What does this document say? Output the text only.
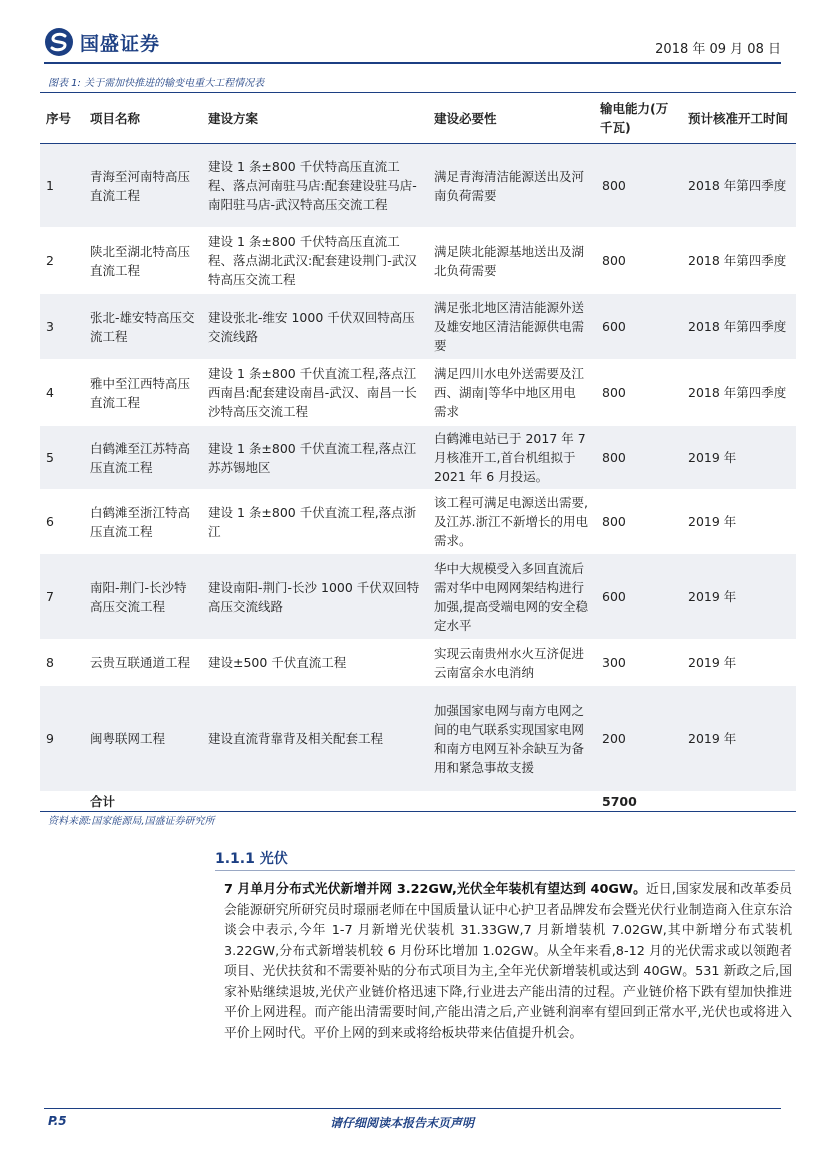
国盛证券	2018 年 09 月 08 日
图表 1: 关于需加快推进的输变电重大工程情况表
序号	项目名称	建设方案	建设必要性	输电能力(万千瓦)	预计核准开工时间
1	青海至河南特高压直流工程	建设 1 条±800 千伏特高压直流工程、落点河南驻马店:配套建设驻马店-南阳驻马店-武汉特高压交流工程	满足青海清洁能源送出及河南负荷需要	800	2018 年第四季度
2	陕北至湖北特高压直流工程	建设 1 条±800 千伏特高压直流工程、落点湖北武汉:配套建设荆门-武汉特高压交流工程	满足陕北能源基地送出及湖北负荷需要	800	2018 年第四季度
3	张北-雄安特高压交流工程	建设张北-维安 1000 千伏双回特高压交流线路	满足张北地区清洁能源外送及雄安地区清洁能源供电需要	600	2018 年第四季度
4	雅中至江西特高压直流工程	建设 1 条±800 千伏直流工程,落点江西南昌:配套建设南昌-武汉、南昌一长沙特高压交流工程	满足四川水电外送需要及江西、湖南|等华中地区用电需求	800	2018 年第四季度
5	白鹤滩至江苏特高压直流工程	建设 1 条±800 千伏直流工程,落点江苏苏锡地区	白鹤滩电站已于 2017 年 7 月核准开工,首台机组拟于 2021 年 6 月投运。	800	2019 年
6	白鹤滩至浙江特高压直流工程	建设 1 条±800 千伏直流工程,落点浙江	该工程可满足电源送出需要,及江苏.浙江不新增长的用电需求。	800	2019 年
7	南阳-荆门-长沙特高压交流工程	建设南阳-荆门-长沙 1000 千伏双回特高压交流线路	华中大规模受入多回直流后需对华中电网网架结构进行加强,提高受端电网的安全稳定水平	600	2019 年
8	云贵互联通道工程	建设±500 千伏直流工程	实现云南贵州水火互济促进云南富余水电消纳	300	2019 年
9	闽粤联网工程	建设直流背靠背及相关配套工程	加强国家电网与南方电网之间的电气联系实现国家电网和南方电网互补余缺互为备用和紧急事故支援	200	2019 年
	合计			5700	
资料来源:国家能源局,国盛证券研究所
1.1.1 光伏
7 月单月分布式光伏新增并网 3.22GW,光伏全年装机有望达到 40GW。近日,国家发展和改革委员会能源研究所研究员时璟丽老师在中国质量认证中心护卫者品牌发布会暨光伏行业制造商入住京东洽谈会中表示,今年 1-7 月新增光伏装机 31.33GW,7 月新增装机 7.02GW,其中新增分布式装机 3.22GW,分布式新增装机较 6 月份环比增加 1.02GW。从全年来看,8-12 月的光伏需求或以领跑者项目、光伏扶贫和不需要补贴的分布式项目为主,全年光伏新增装机或达到 40GW。531 新政之后,国家补贴继续退坡,光伏产业链价格迅速下降,行业进去产能出清的过程。产业链价格下跌有望加快推进平价上网进程。而产能出清需要时间,产能出清之后,产业链利润率有望回到正常水平,光伏也或将进入平价上网时代。平价上网的到来或将给板块带来估值提升机会。
P.5	请仔细阅读本报告末页声明
